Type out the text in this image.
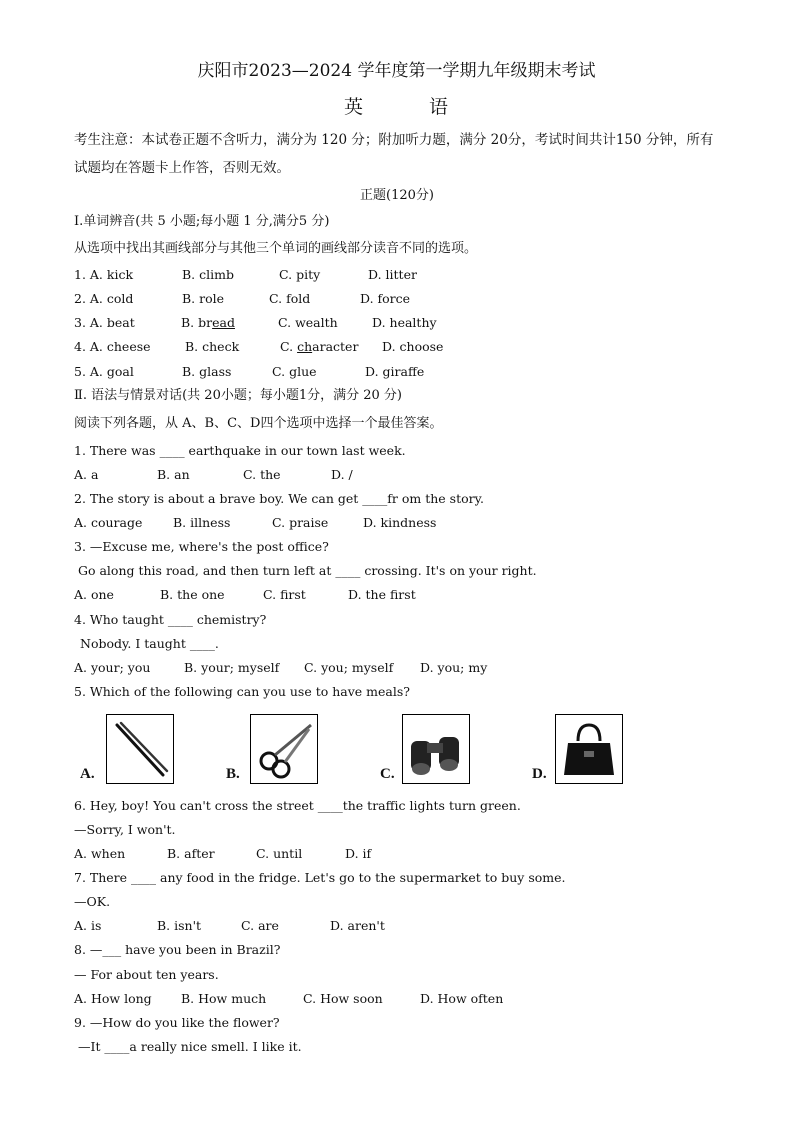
庆阳市2023—2024 学年度第一学期九年级期末考试
英	语
考生注意：本试卷正题不含听力，满分为 120 分；附加听力题，满分 20分，考试时间共计150 分钟，所有试题均在答题卡上作答，否则无效。
正题(120分)
Ⅰ.单词辨音(共 5 小题;每小题 1 分,满分5 分)
从选项中找出其画线部分与其他三个单词的画线部分读音不同的选项。
1. A. kick	B. climb	C. pity	D. litter
2. A. cold	B. role	C. fold	D. force
3. A. beat	B. bread	C. wealth	D. healthy
4. A. cheese	B. check	C. character D. choose
5. A. goal	B. glass	C. glue	D. giraffe
Ⅱ. 语法与情景对话(共 20小题；每小题1分，满分 20 分)
阅读下列各题，从 A、B、C、D四个选项中选择一个最佳答案。
1. There was ____ earthquake in our town last week.
A. a	B. an	C. the	D. /
2. The story is about a brave boy. We can get ____fr om the story.
A. courage B. illness	C. praise	D. kindness
3. —Excuse me, where's the post office?
Go along this road, and then turn left at ____ crossing. It's on your right.
A. one	B. the one	C. first	D. the first
4. Who taught ____ chemistry?
Nobody. I taught ____.
A. your; you	B. your; myself C. you; myself D. you; my
5. Which of the following can you use to have meals?
A.	B.	C.	D.
6. Hey, boy! You can't cross the street ____the traffic lights turn green.
—Sorry, I won't.
A. when	B. after	C. until	D. if
7. There ____ any food in the fridge. Let's go to the supermarket to buy some.
—OK.
A. is	B. isn't	C. are	D. aren't
8. —___ have you been in Brazil?
— For about ten years.
A. How long B. How much	C. How soon	D. How often
9. —How do you like the flower?
—It ____a really nice smell. I like it.
